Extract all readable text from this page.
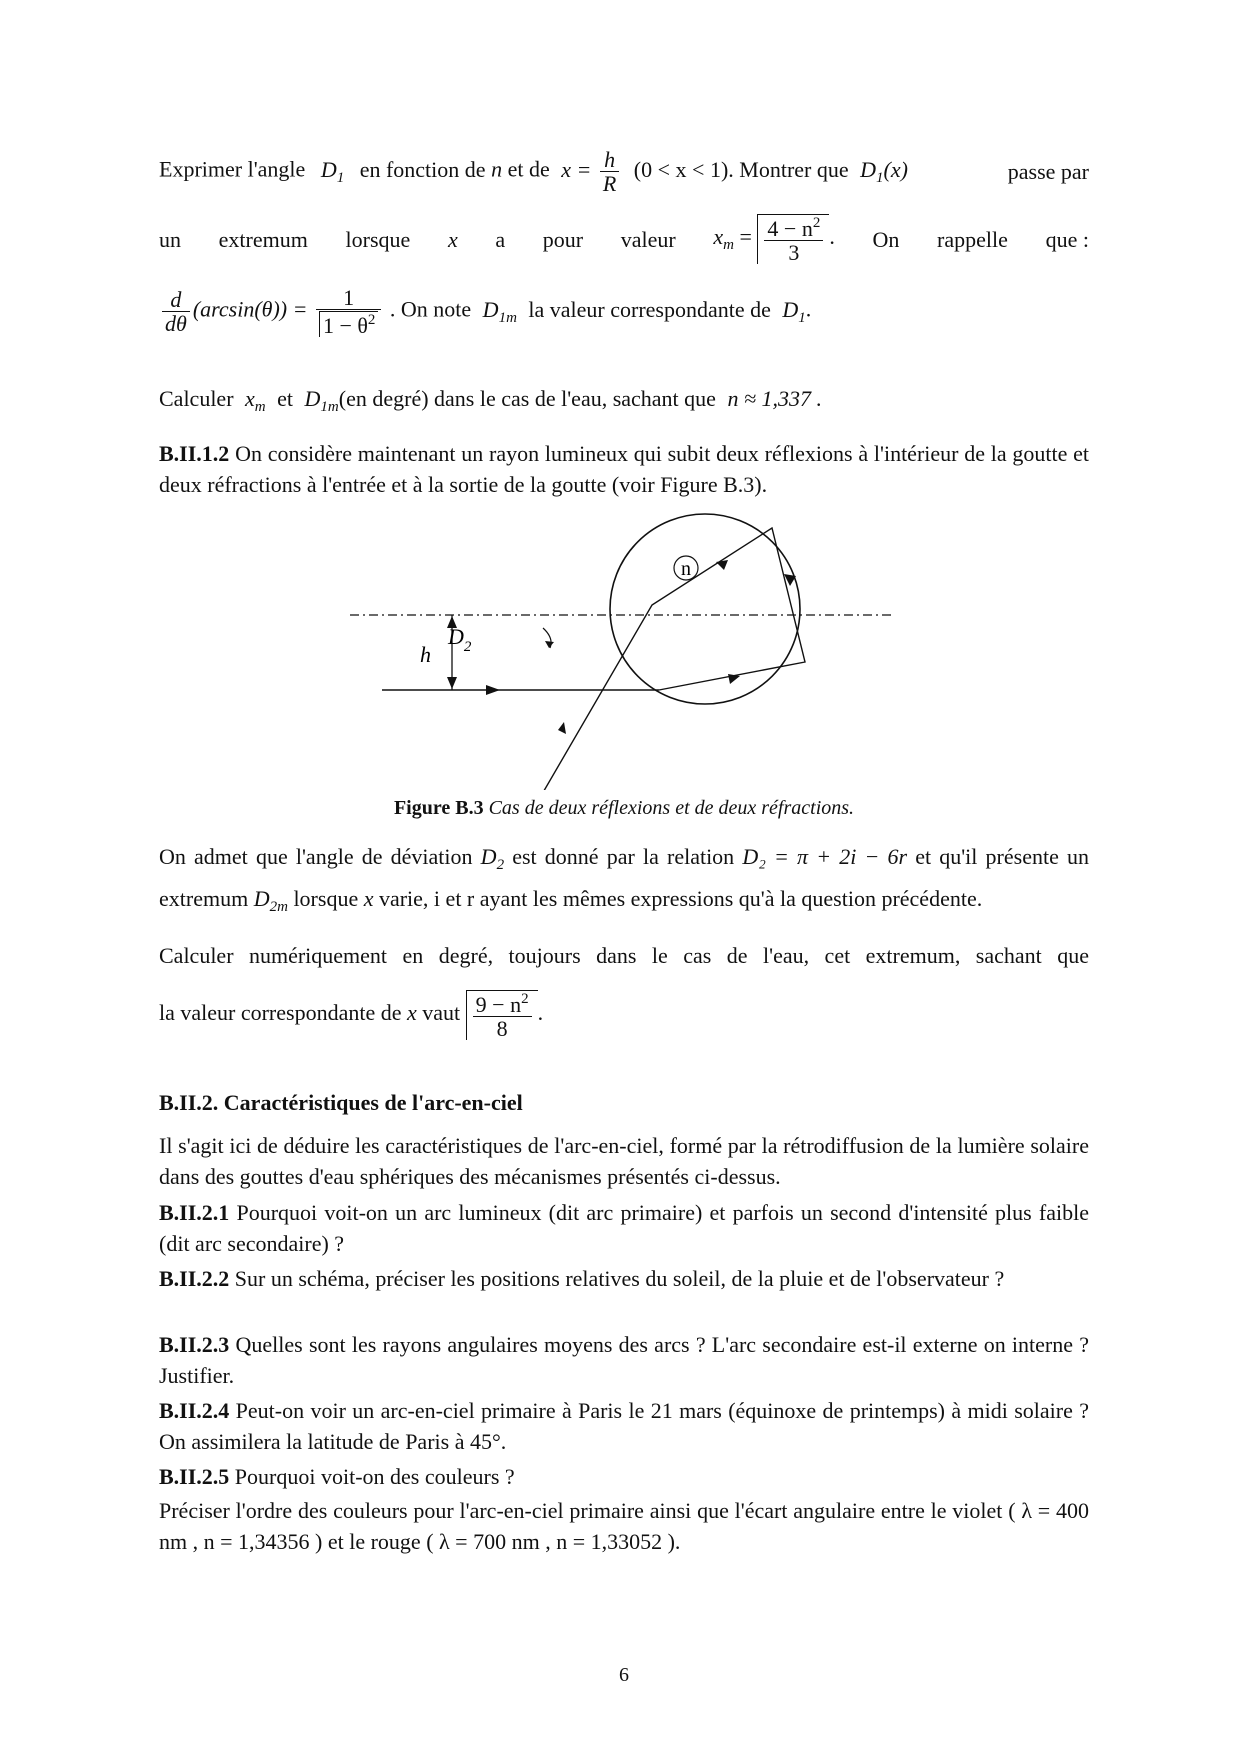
Exprimer l'angle $D_1$ en fonction de n et de $x = \frac{h}{R} (0 < x < 1)$. Montrer que $D_1(x)$	passe par
un extremum lorsque x a pour valeur $x_m = \frac{4 - n^2}{3}$ . On rappelle que :
$\frac{d}{d\theta} (\arcsin(\theta)) = \frac{1}{1 - \theta^2}$ . On note $D_{1m}$ la valeur correspondante de $D_1$.
Calculer $x_m$ et $D_{1m}(en$ degré) dans le cas de l'eau, sachant que n ≈ 1,337 .
B.II.1.2 On considère maintenant un rayon lumineux qui subit deux réflexions à l'intérieur de la goutte et deux réfractions à l'entrée et à la sortie de la goutte (voir Figure B.3).
h
$D_2$
n
Figure B.3 Cas de deux réflexions et de deux réfractions.
On admet que l'angle de déviation $D_2$ est donné par la relation D₂ = π + 2i − 6r et qu'il présente un extremum $D_{2m}$ lorsque x varie, i et r ayant les mêmes expressions qu'à la question précédente.
Calculer numériquement en degré, toujours dans le cas de l'eau, cet extremum, sachant que
la valeur correspondante de x vaut $\frac{9 - n^2}{8}$ .
B.II.2. Caractéristiques de l'arc-en-ciel
Il s'agit ici de déduire les caractéristiques de l'arc-en-ciel, formé par la rétrodiffusion de la lumière solaire dans des gouttes d'eau sphériques des mécanismes présentés ci-dessus.
B.II.2.1 Pourquoi voit-on un arc lumineux (dit arc primaire) et parfois un second d'intensité plus faible (dit arc secondaire) ?
B.II.2.2 Sur un schéma, préciser les positions relatives du soleil, de la pluie et de l'observateur ?
B.II.2.3 Quelles sont les rayons angulaires moyens des arcs ? L'arc secondaire est-il externe on interne ? Justifier.
B.II.2.4 Peut-on voir un arc-en-ciel primaire à Paris le 21 mars (équinoxe de printemps) à midi solaire ? On assimilera la latitude de Paris à 45°.
B.II.2.5 Pourquoi voit-on des couleurs ?
Préciser l'ordre des couleurs pour l'arc-en-ciel primaire ainsi que l'écart angulaire entre le violet ( λ = 400 nm , n = 1,34356 ) et le rouge ( λ = 700 nm , n = 1,33052 ).
6
